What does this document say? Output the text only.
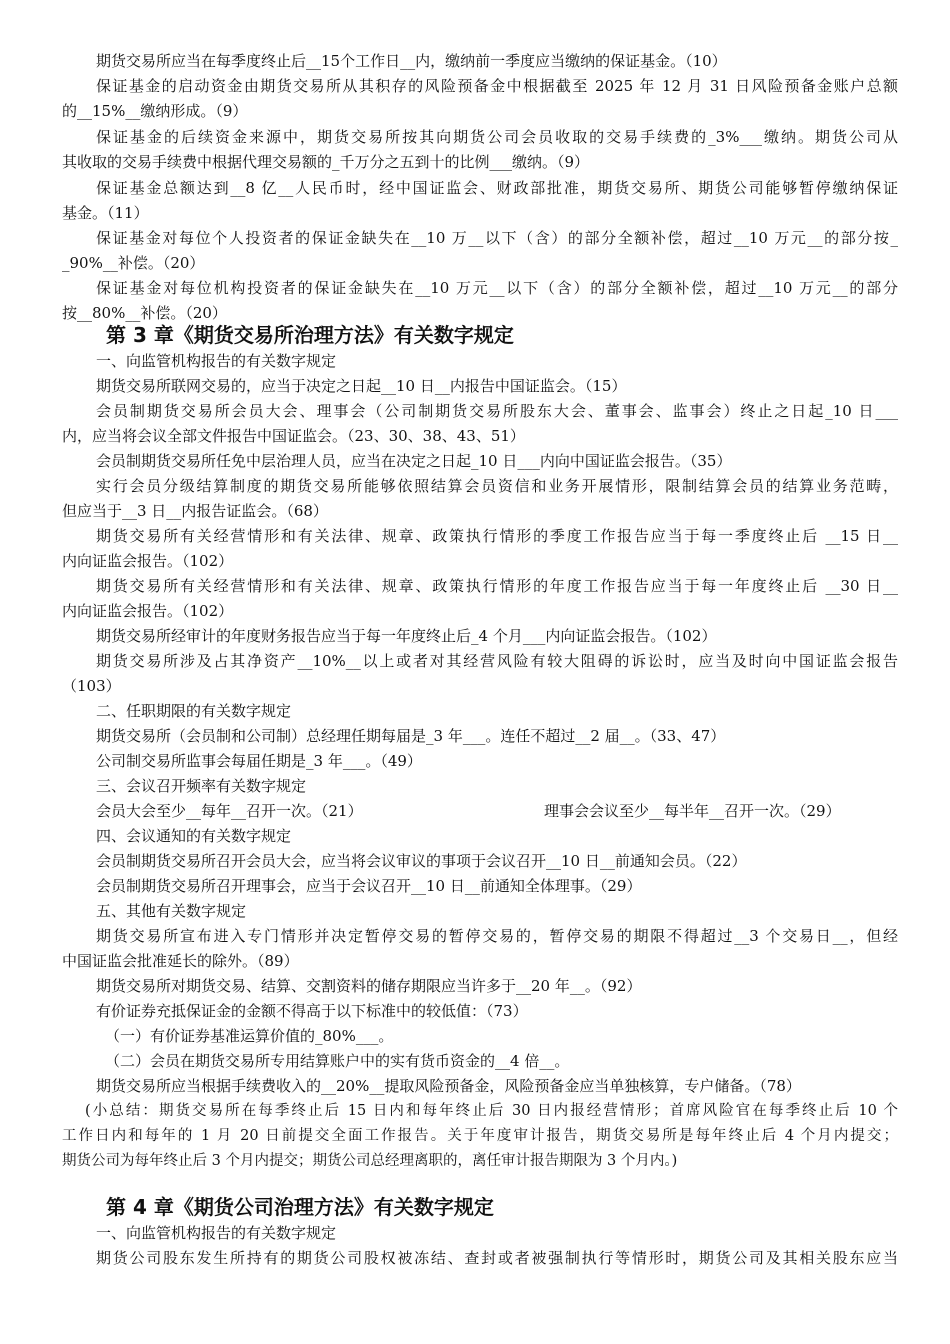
期货交易所应当在每季度终止后__15个工作日__内，缴纳前一季度应当缴纳的保证基金。（10）
保证基金的启动资金由期货交易所从其积存的风险预备金中根据截至 2025 年 12 月 31 日风险预备金账户总额
的__15%__缴纳形成。（9）
保证基金的后续资金来源中，期货交易所按其向期货公司会员收取的交易手续费的_3%___缴纳。期货公司从
其收取的交易手续费中根据代理交易额的_千万分之五到十的比例___缴纳。（9）
保证基金总额达到__8 亿__人民币时，经中国证监会、财政部批准，期货交易所、期货公司能够暂停缴纳保证
基金。（11）
保证基金对每位个人投资者的保证金缺失在__10 万__以下（含）的部分全额补偿，超过__10 万元__的部分按_
_90%__补偿。（20）
保证基金对每位机构投资者的保证金缺失在__10 万元__以下（含）的部分全额补偿，超过__10 万元__的部分
按__80%__补偿。（20）
第 3 章《期货交易所治理方法》有关数字规定
一、向监管机构报告的有关数字规定
期货交易所联网交易的，应当于决定之日起__10 日__内报告中国证监会。（15）
会员制期货交易所会员大会、理事会（公司制期货交易所股东大会、董事会、监事会）终止之日起_10 日___
内，应当将会议全部文件报告中国证监会。（23、30、38、43、51）
会员制期货交易所任免中层治理人员，应当在决定之日起_10 日___内向中国证监会报告。（35）
实行会员分级结算制度的期货交易所能够依照结算会员资信和业务开展情形，限制结算会员的结算业务范畴，
但应当于__3 日__内报告证监会。（68）
期货交易所有关经营情形和有关法律、规章、政策执行情形的季度工作报告应当于每一季度终止后 __15 日__
内向证监会报告。（102）
期货交易所有关经营情形和有关法律、规章、政策执行情形的年度工作报告应当于每一年度终止后 __30 日__
内向证监会报告。（102）
期货交易所经审计的年度财务报告应当于每一年度终止后_4 个月___内向证监会报告。（102）
期货交易所涉及占其净资产__10%__以上或者对其经营风险有较大阻碍的诉讼时，应当及时向中国证监会报告
（103）
二、任职期限的有关数字规定
期货交易所（会员制和公司制）总经理任期每届是_3 年___。连任不超过__2 届__。（33、47）
公司制交易所监事会每届任期是_3 年___。（49）
三、会议召开频率有关数字规定
会员大会至少__每年__召开一次。（21）	理事会会议至少__每半年__召开一次。（29）
四、会议通知的有关数字规定
会员制期货交易所召开会员大会，应当将会议审议的事项于会议召开__10 日__前通知会员。（22）
会员制期货交易所召开理事会，应当于会议召开__10 日__前通知全体理事。（29）
五、其他有关数字规定
期货交易所宣布进入专门情形并决定暂停交易的暂停交易的，暂停交易的期限不得超过__3 个交易日__，但经
中国证监会批准延长的除外。（89）
期货交易所对期货交易、结算、交割资料的储存期限应当许多于__20 年__。（92）
有价证券充抵保证金的金额不得高于以下标准中的较低值：（73）
（一）有价证券基准运算价值的_80%___。
（二）会员在期货交易所专用结算账户中的实有货币资金的__4 倍__。
期货交易所应当根据手续费收入的__20%__提取风险预备金，风险预备金应当单独核算，专户储备。（78）
(小总结：期货交易所在每季终止后 15 日内和每年终止后 30 日内报经营情形；首席风险官在每季终止后 10 个
工作日内和每年的 1 月 20 日前提交全面工作报告。关于年度审计报告，期货交易所是每年终止后 4 个月内提交；
期货公司为每年终止后 3 个月内提交；期货公司总经理离职的，离任审计报告期限为 3 个月内。)
第 4 章《期货公司治理方法》有关数字规定
一、向监管机构报告的有关数字规定
期货公司股东发生所持有的期货公司股权被冻结、查封或者被强制执行等情形时，期货公司及其相关股东应当
